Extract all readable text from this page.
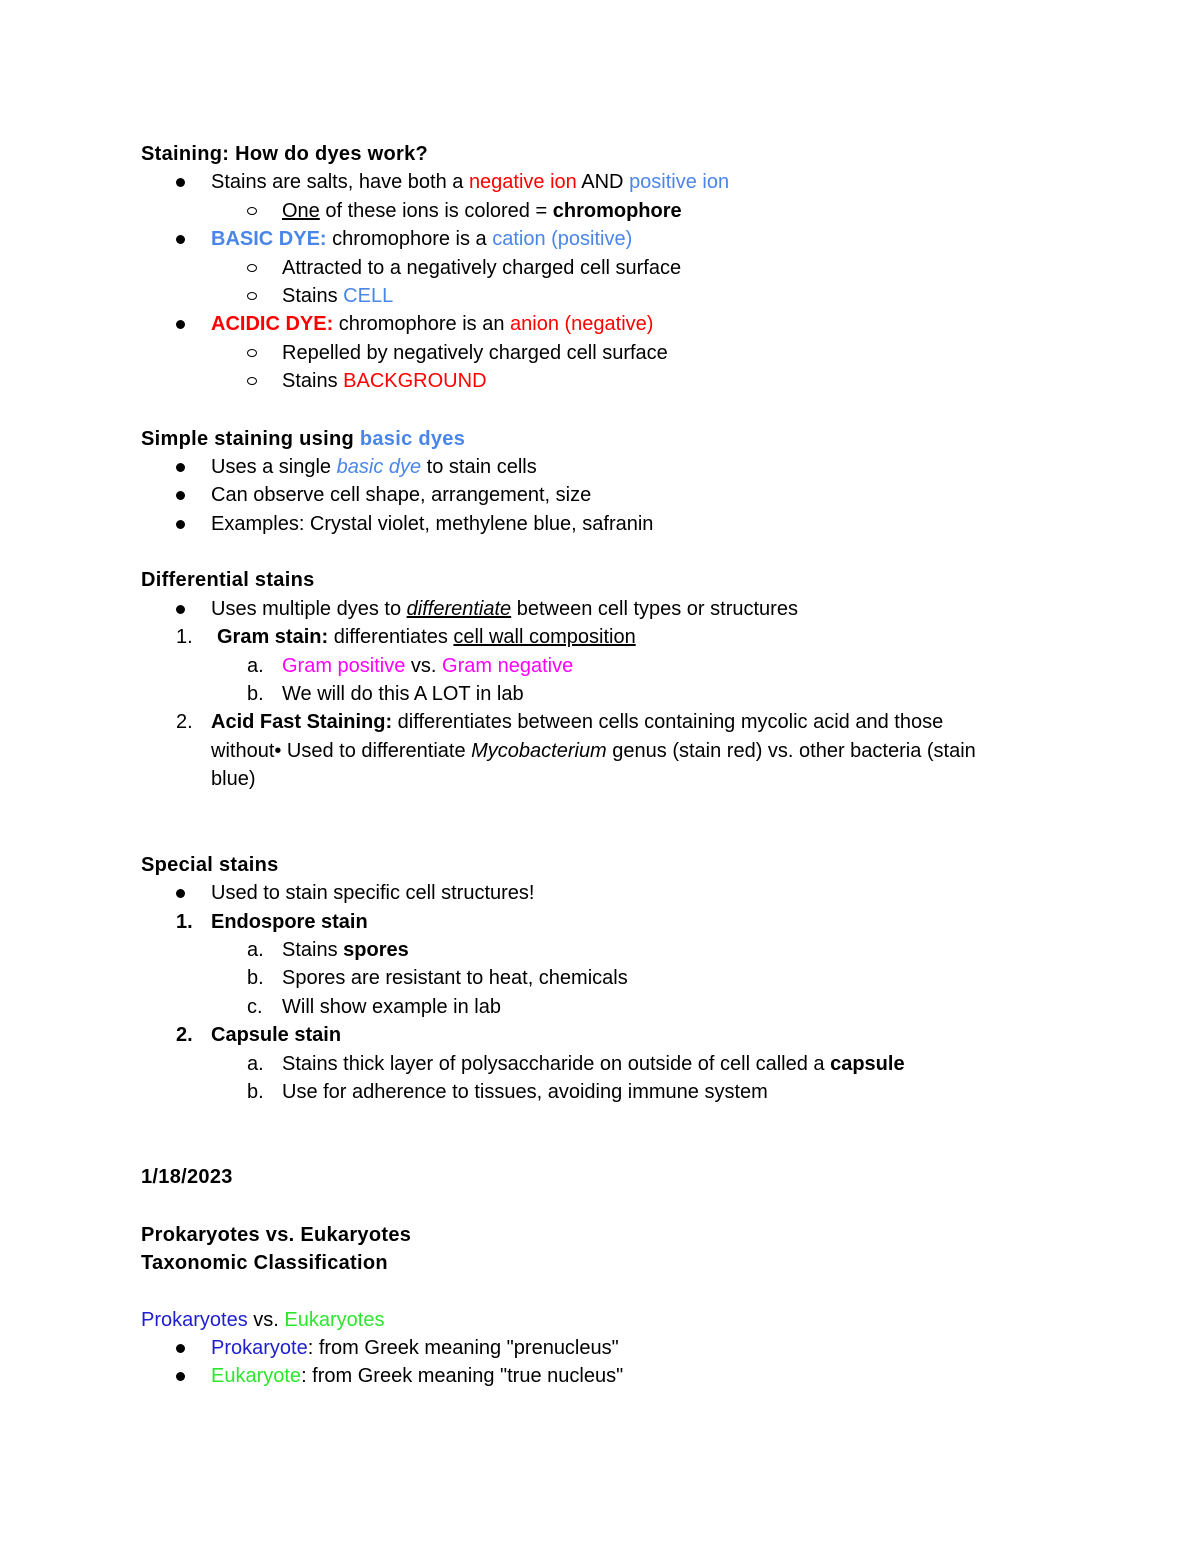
Staining: How do dyes work?
Stains are salts, have both a negative ion AND positive ion
One of these ions is colored = chromophore
BASIC DYE: chromophore is a cation (positive)
Attracted to a negatively charged cell surface
Stains CELL
ACIDIC DYE: chromophore is an anion (negative)
Repelled by negatively charged cell surface
Stains BACKGROUND
Simple staining using basic dyes
Uses a single basic dye to stain cells
Can observe cell shape, arrangement, size
Examples: Crystal violet, methylene blue, safranin
Differential stains
Uses multiple dyes to differentiate between cell types or structures
1. Gram stain: differentiates cell wall composition
a. Gram positive vs. Gram negative
b. We will do this A LOT in lab
2. Acid Fast Staining: differentiates between cells containing mycolic acid and those
without• Used to differentiate Mycobacterium genus (stain red) vs. other bacteria (stain
blue)
Special stains
Used to stain specific cell structures!
1. Endospore stain
a. Stains spores
b. Spores are resistant to heat, chemicals
c. Will show example in lab
2. Capsule stain
a. Stains thick layer of polysaccharide on outside of cell called a capsule
b. Use for adherence to tissues, avoiding immune system
1/18/2023
Prokaryotes vs. Eukaryotes
Taxonomic Classification
Prokaryotes vs. Eukaryotes
Prokaryote: from Greek meaning "prenucleus"
Eukaryote: from Greek meaning "true nucleus"
